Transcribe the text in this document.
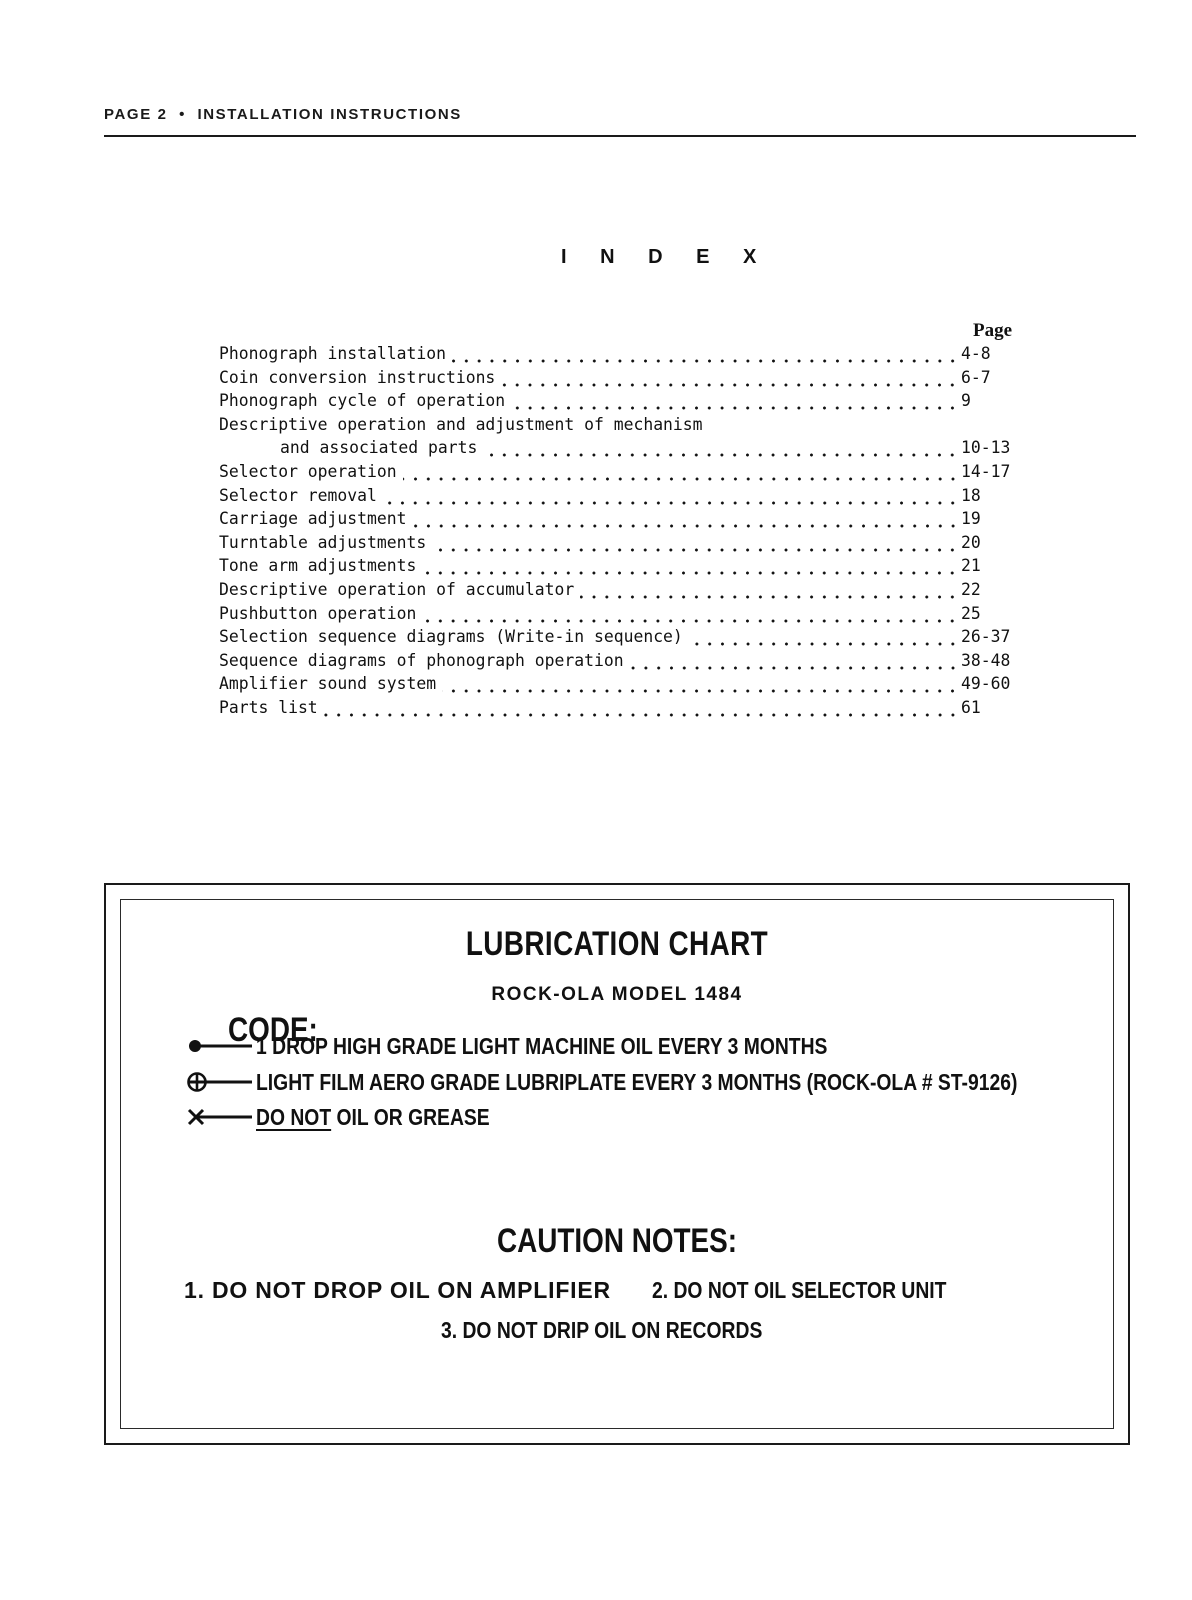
PAGE 2 • INSTALLATION INSTRUCTIONS
I N D E X
Page
Phonograph installation	4-8
Coin conversion instructions	6-7
Phonograph cycle of operation	9
Descriptive operation and adjustment of mechanism
and associated parts	10-13
Selector operation	14-17
Selector removal	18
Carriage adjustment	19
Turntable adjustments	20
Tone arm adjustments	21
Descriptive operation of accumulator	22
Pushbutton operation	25
Selection sequence diagrams (Write-in sequence)	26-37
Sequence diagrams of phonograph operation	38-48
Amplifier sound system	49-60
Parts list	61
LUBRICATION CHART
ROCK-OLA MODEL 1484
CODE:
1 DROP HIGH GRADE LIGHT MACHINE OIL EVERY 3 MONTHS
LIGHT FILM AERO GRADE LUBRIPLATE EVERY 3 MONTHS (ROCK-OLA # ST-9126)
DO NOT OIL OR GREASE
CAUTION NOTES:
1. DO NOT DROP OIL ON AMPLIFIER 2. DO NOT OIL SELECTOR UNIT
3. DO NOT DRIP OIL ON RECORDS
